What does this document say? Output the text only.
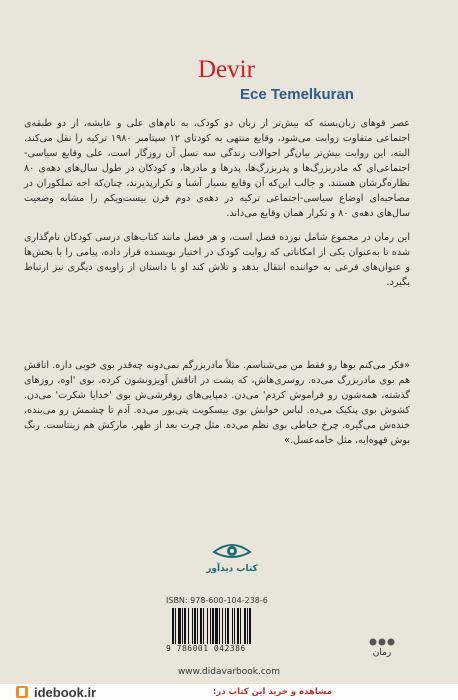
Devir
Ece Temelkuran

عصر قوهای زبان‌بسته که بیش‌تر از زبان دو کودک، به نام‌های علی و عایشه، از دو طبقه‌ی اجتماعی متفاوت روایت می‌شود، وقایع منتهی به کودتای ۱۲ سپتامبر ۱۹۸۰ ترکیه را نقل می‌کند. البته، این روایت بیش‌تر بیان‌گر احوالات زندگی سه نسل آن روزگار است، علی وقایع سیاسی-اجتماعی‌ای که مادربزرگ‌ها و پدربزرگ‌ها، پدرها و مادرها، و کودکان در طول سال‌های دهه‌ی ۸۰ نظاره‌گرشان هستند. و جالب این‌که آن وقایع بسیار آشنا و تکرارپذیرند، چنان‌که اجه تملکوران در مصاحبه‌ای اوضاع سیاسی-اجتماعی ترکیه در دهه‌ی دوم قرن بیست‌ویکم را مشابه وضعیت سال‌های دهه‌ی ۸۰ و تکرار همان وقایع می‌داند.

این رمان در مجموع شامل نوزده فصل است، و هر فصل مانند کتاب‌های درسی کودکان نام‌گذاری شده تا به‌عنوان یکی از امکاناتی که روایت کودک در اختیار نویسنده قرار داده، پیامی را با بخش‌ها و عنوان‌های فرعی به خواننده انتقال بدهد و تلاش کند او با داستان از زاویه‌ی دیگری نیز ارتباط بگیرد.

«فکر می‌کنم بوها رو فقط من می‌شناسم. مثلاً مادربزرگم نمی‌دونه چه‌قدر بوی خوبی داره. اتاقش هم بوی مادربزرگ می‌ده. روسری‌هاش، که پشت در اتاقش آویزونشون کرده، بوی 'اوه، روزهای گذشته، همه‌شون رو فراموش کردم' می‌دن. دمپایی‌های روفرشی‌ش بوی 'خدایا شکرت' می‌دن. کشوش بوی پنکیک می‌ده. لباس خوابش بوی بیسکویت پتی‌بور می‌ده. آدم تا چشمش رو می‌بنده، خنده‌ش می‌گیره. چرخ خیاطی بوی نظم می‌ده. مثل چرت بعد از ظهر. مارکش هم زینتاست. رنگ بوش قهوه‌ایه، مثل خامه‌عسل.»
کتاب دیدآور
ISBN: 978-600-104-238-6
9 786001 042386
www.didavarbook.com
رمان
idebook.ir	مشاهده و خرید این کتاب در:
